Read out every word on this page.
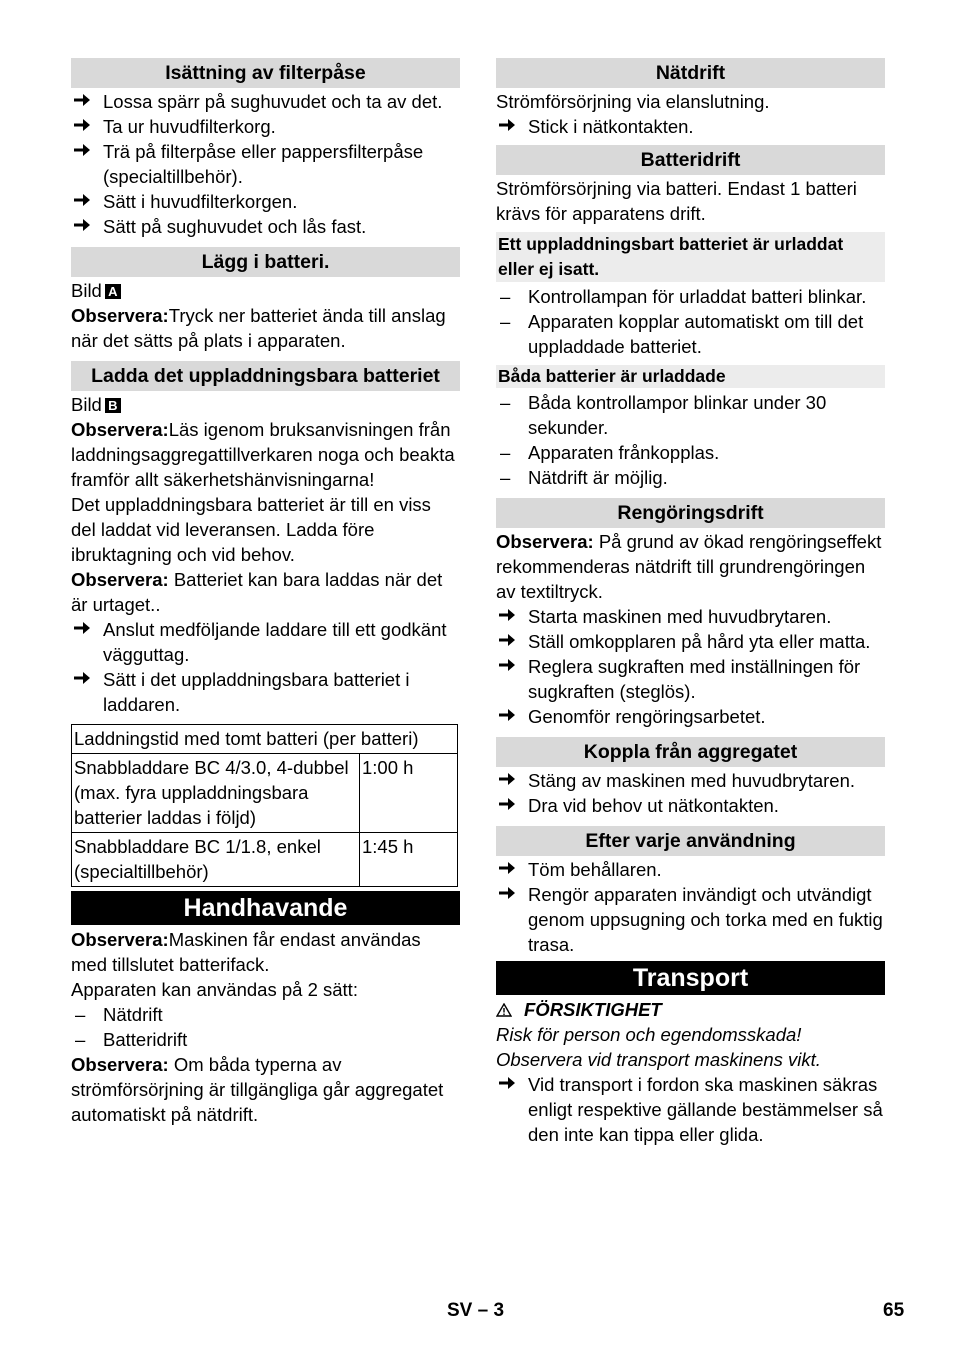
Isättning av filterpåse
Lossa spärr på sughuvudet och ta av det.
Ta ur huvudfilterkorg.
Trä på filterpåse eller pappersfilterpåse (specialtillbehör).
Sätt i huvudfilterkorgen.
Sätt på sughuvudet och lås fast.
Lägg i batteri.

Bild A

Observera:Tryck ner batteriet ända till anslag när det sätts på plats i apparaten.

Ladda det uppladdningsbara batteriet

Bild B

Observera:Läs igenom bruksanvisningen från laddningsaggregattillverkaren noga och beakta framför allt säkerhetshänvisningarna!

Det uppladdningsbara batteriet är till en viss del laddat vid leveransen. Ladda före ibruktagning och vid behov.

Observera: Batteriet kan bara laddas när det är urtaget..

Anslut medföljande laddare till ett godkänt vägguttag.
Sätt i det uppladdningsbara batteriet i laddaren.
Laddningstid med tomt batteri (per batteri)	
Snabbladdare BC 4/3.0, 4-dubbel (max. fyra uppladdningsbara batterier laddas i följd)	1:00 h
Snabbladdare BC 1/1.8, enkel (specialtillbehör)	1:45 h
Handhavande

Observera:Maskinen får endast användas med tillslutet batterifack.

Apparaten kan användas på 2 sätt:

– Nätdrift
– Batteridrift

Observera: Om båda typerna av strömförsörjning är tillgängliga går aggregatet automatiskt på nätdrift.

Nätdrift

Strömförsörjning via elanslutning.

Stick i nätkontakten.
Batteridrift

Strömförsörjning via batteri. Endast 1 batteri krävs för apparatens drift.

Ett uppladdningsbart batteriet är urladdat eller ej isatt.
– Kontrollampan för urladdat batteri blinkar.
– Apparaten kopplar automatiskt om till det uppladdade batteriet.
Båda batterier är urladdade
– Båda kontrollampor blinkar under 30 sekunder.
– Apparaten frånkopplas.
– Nätdrift är möjlig.
Rengöringsdrift

Observera: På grund av ökad rengöringseffekt rekommenderas nätdrift till grundrengöringen av textiltryck.

Starta maskinen med huvudbrytaren.
Ställ omkopplaren på hård yta eller matta.
Reglera sugkraften med inställningen för sugkraften (steglös).
Genomför rengöringsarbetet.
Koppla från aggregatet
Stäng av maskinen med huvudbrytaren.
Dra vid behov ut nätkontakten.
Efter varje användning
Töm behållaren.
Rengör apparaten invändigt och utvändigt genom uppsugning och torka med en fuktig trasa.
Transport

FÖRSIKTIGHET

Risk för person och egendomsskada! Observera vid transport maskinens vikt.

Vid transport i fordon ska maskinen säkras enligt respektive gällande bestämmelser så den inte kan tippa eller glida.
SV – 3	65
